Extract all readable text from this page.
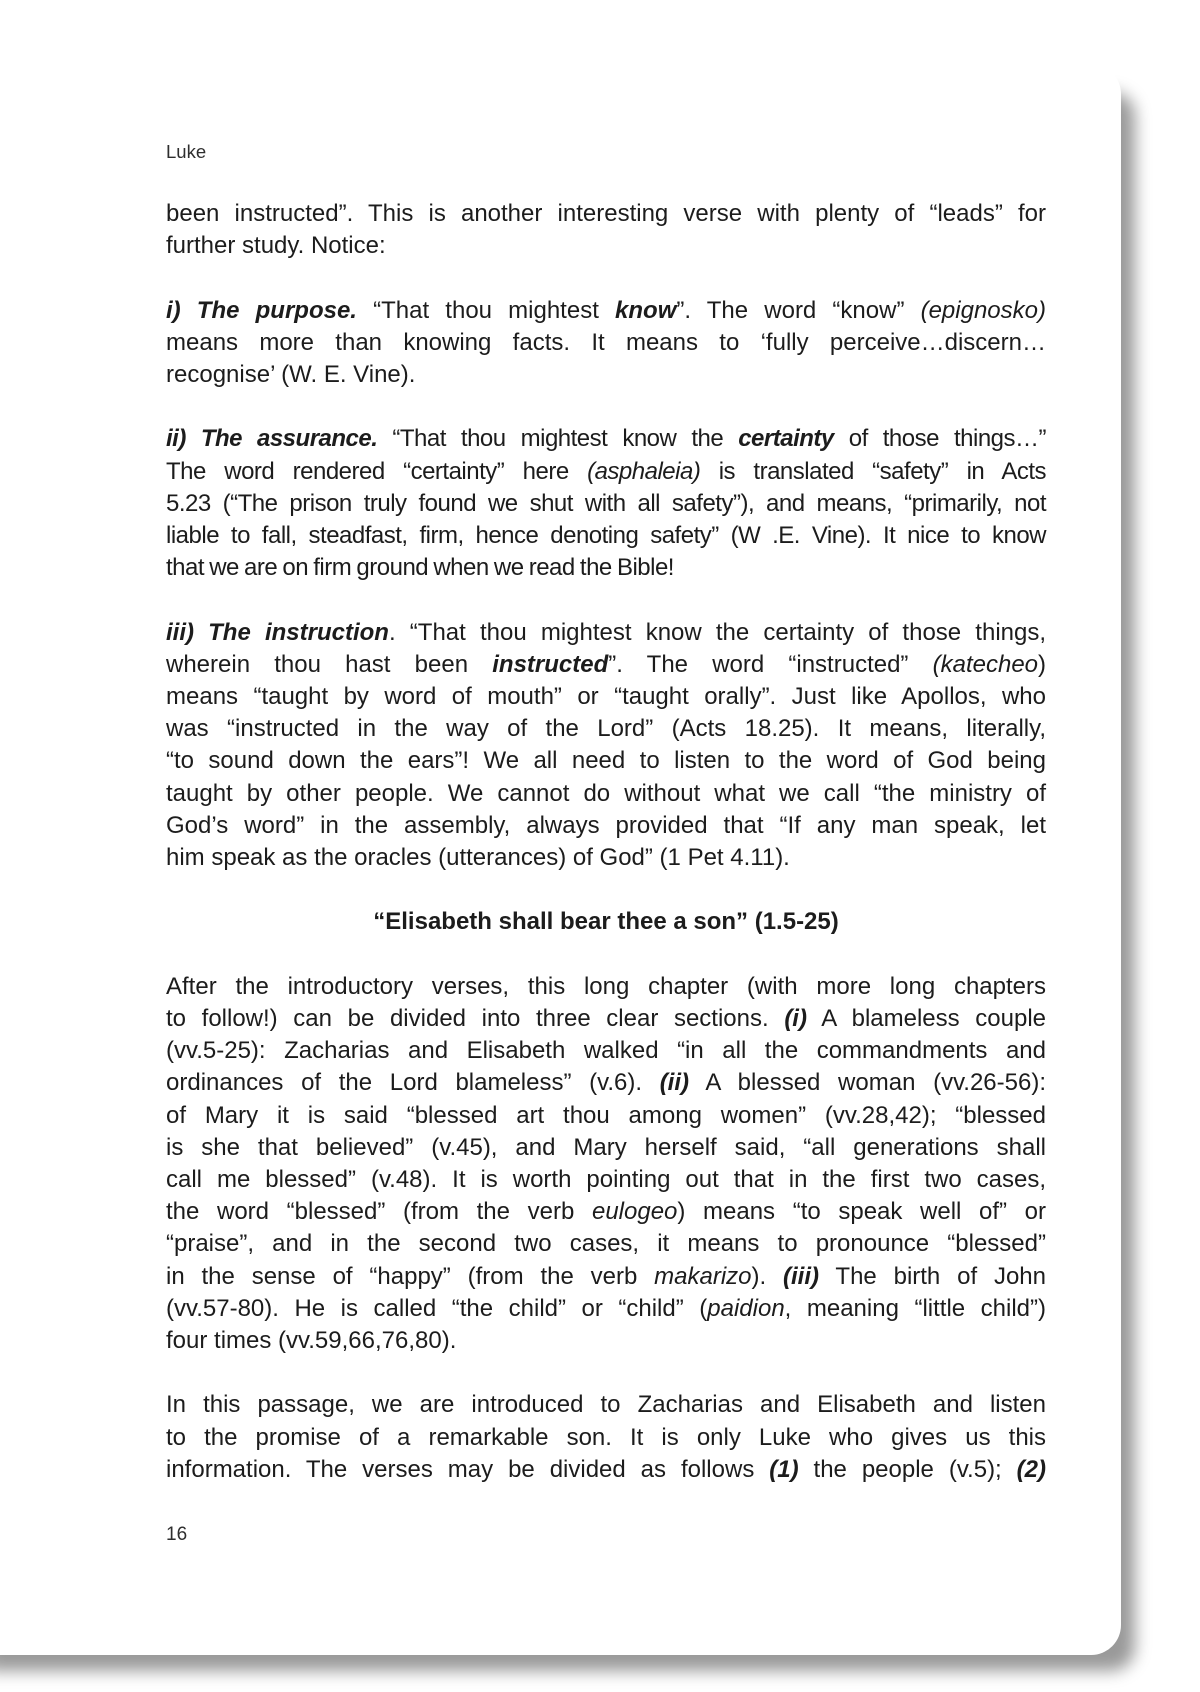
Luke
been instructed”. This is another interesting verse with plenty of “leads” for
further study. Notice:
i) The purpose. “That thou mightest know”. The word “know” (epignosko)
means more than knowing facts. It means to ‘fully perceive…discern…
recognise’ (W. E. Vine).
ii) The assurance. “That thou mightest know the certainty of those things…”
The word rendered “certainty” here (asphaleia) is translated “safety” in Acts
5.23 (“The prison truly found we shut with all safety”), and means, “primarily, not
liable to fall, steadfast, firm, hence denoting safety” (W .E. Vine). It nice to know
that we are on firm ground when we read the Bible!
iii) The instruction. “That thou mightest know the certainty of those things,
wherein thou hast been instructed”. The word “instructed” (katecheo)
means “taught by word of mouth” or “taught orally”. Just like Apollos, who
was “instructed in the way of the Lord” (Acts 18.25). It means, literally,
“to sound down the ears”! We all need to listen to the word of God being
taught by other people. We cannot do without what we call “the ministry of
God’s word” in the assembly, always provided that “If any man speak, let
him speak as the oracles (utterances) of God” (1 Pet 4.11).
“Elisabeth shall bear thee a son” (1.5-25)
After the introductory verses, this long chapter (with more long chapters
to follow!) can be divided into three clear sections. (i) A blameless couple
(vv.5-25): Zacharias and Elisabeth walked “in all the commandments and
ordinances of the Lord blameless” (v.6). (ii) A blessed woman (vv.26-56):
of Mary it is said “blessed art thou among women” (vv.28,42); “blessed
is she that believed” (v.45), and Mary herself said, “all generations shall
call me blessed” (v.48). It is worth pointing out that in the first two cases,
the word “blessed” (from the verb eulogeo) means “to speak well of” or
“praise”, and in the second two cases, it means to pronounce “blessed”
in the sense of “happy” (from the verb makarizo). (iii) The birth of John
(vv.57-80). He is called “the child” or “child” (paidion, meaning “little child”)
four times (vv.59,66,76,80).
In this passage, we are introduced to Zacharias and Elisabeth and listen
to the promise of a remarkable son. It is only Luke who gives us this
information. The verses may be divided as follows (1) the people (v.5); (2)
16
